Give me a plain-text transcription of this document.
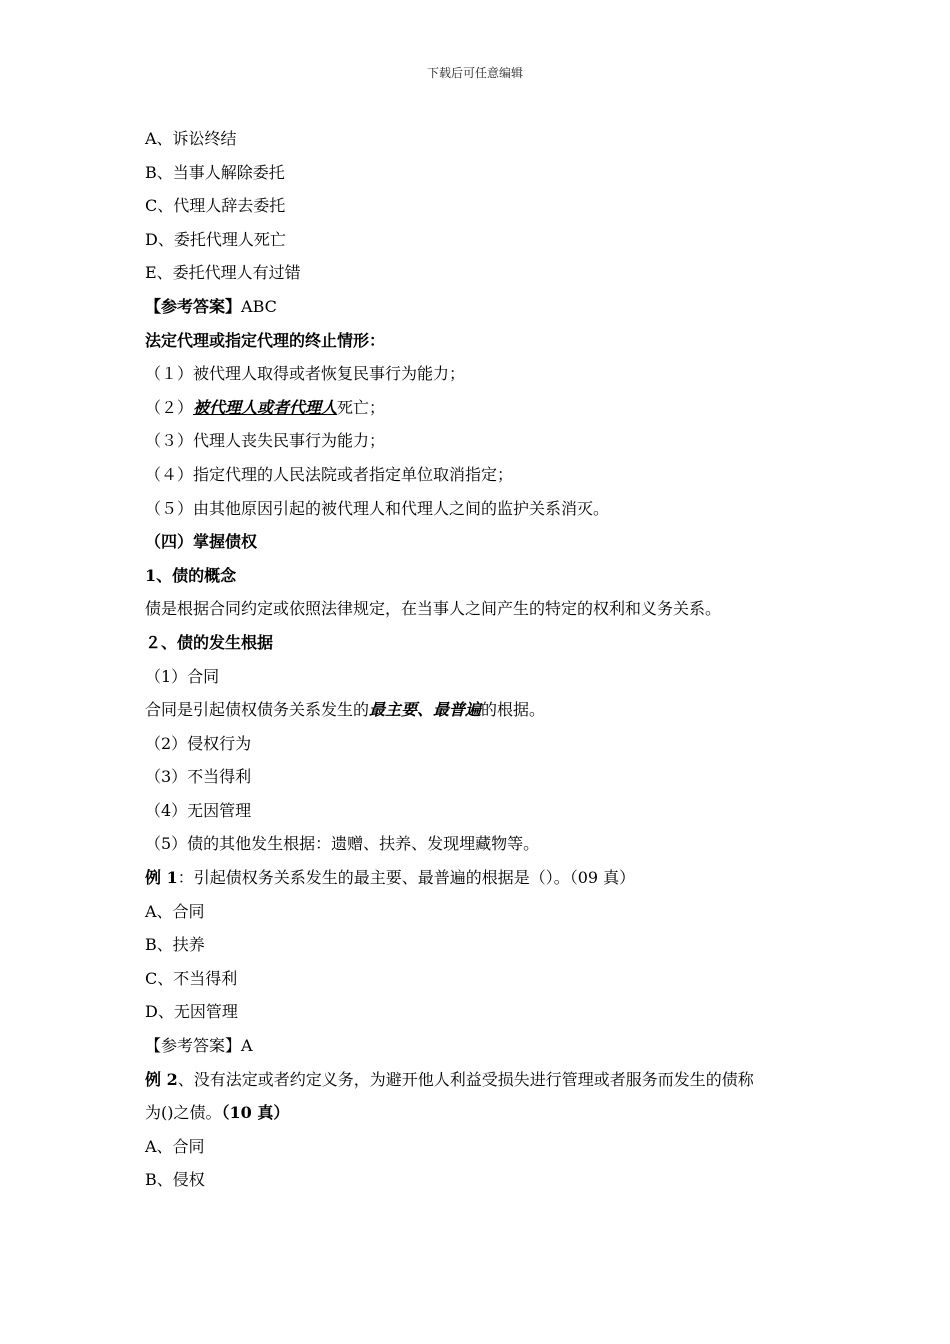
下载后可任意编辑
A、诉讼终结
B、当事人解除委托
C、代理人辞去委托
D、委托代理人死亡
E、委托代理人有过错
【参考答案】ABC
法定代理或指定代理的终止情形：
（１）被代理人取得或者恢复民事行为能力；
（２）被代理人或者代理人死亡；
（３）代理人丧失民事行为能力；
（４）指定代理的人民法院或者指定单位取消指定；
（５）由其他原因引起的被代理人和代理人之间的监护关系消灭。
（四）掌握债权
1、债的概念
债是根据合同约定或依照法律规定，在当事人之间产生的特定的权利和义务关系。
２、债的发生根据
（1）合同
合同是引起债权债务关系发生的最主要、最普遍的根据。
（2）侵权行为
（3）不当得利
（4）无因管理
（5）债的其他发生根据：遗赠、扶养、发现埋藏物等。
例 1：引起债权务关系发生的最主要、最普遍的根据是（）。（09 真）
A、合同
B、扶养
C、不当得利
D、无因管理
【参考答案】A
例 2、没有法定或者约定义务，为避开他人利益受损失进行管理或者服务而发生的债称
为()之债。（10 真）
A、合同
B、侵权
